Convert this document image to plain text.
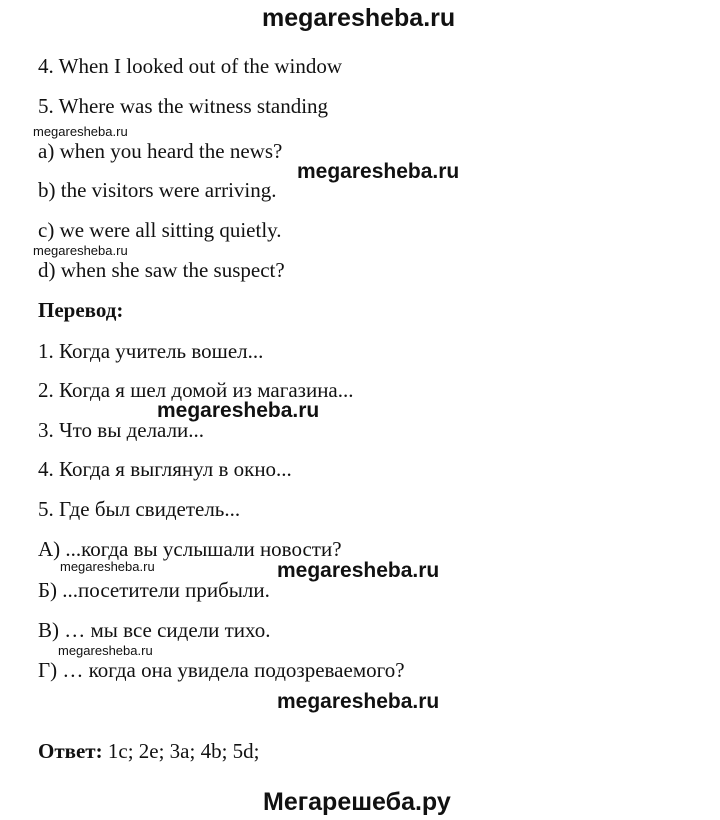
megaresheba.ru
4. When I looked out of the window
5. Where was the witness standing
megaresheba.ru
a) when you heard the news?
megaresheba.ru
b) the visitors were arriving.
c) we were all sitting quietly.
megaresheba.ru
d) when she saw the suspect?
Перевод:
1. Когда учитель вошел...
2. Когда я шел домой из магазина...
megaresheba.ru
3. Что вы делали...
4. Когда я выглянул в окно...
5. Где был свидетель...
А) ...когда вы услышали новости?
megaresheba.ru	megaresheba.ru
Б) ...посетители прибыли.
В) … мы все сидели тихо.
megaresheba.ru
Г) … когда она увидела подозреваемого?
megaresheba.ru
Ответ: 1c; 2e; 3a; 4b; 5d;
Мегарешеба.ру
